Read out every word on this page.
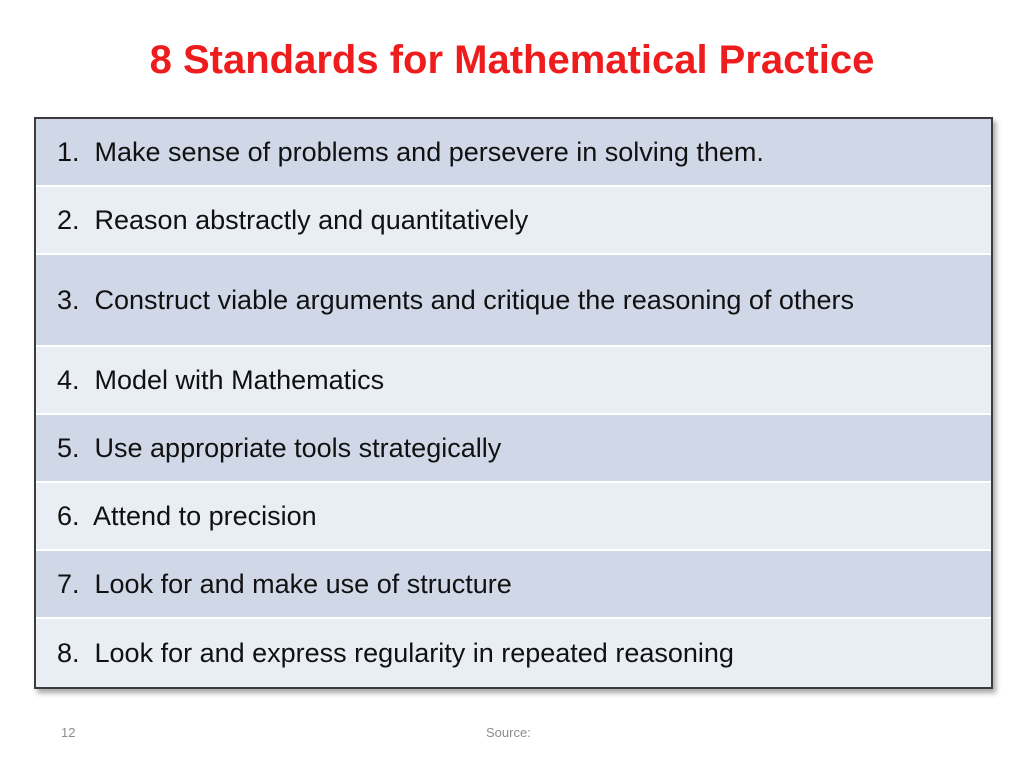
8 Standards for Mathematical Practice
1.  Make sense of problems and persevere in solving them.
2.  Reason abstractly and quantitatively
3.  Construct viable arguments and critique the reasoning of others
4.  Model with Mathematics
5.  Use appropriate tools strategically
6.  Attend to precision
7.  Look for and make use of structure
8.  Look for and express regularity in repeated reasoning
12	Source:
